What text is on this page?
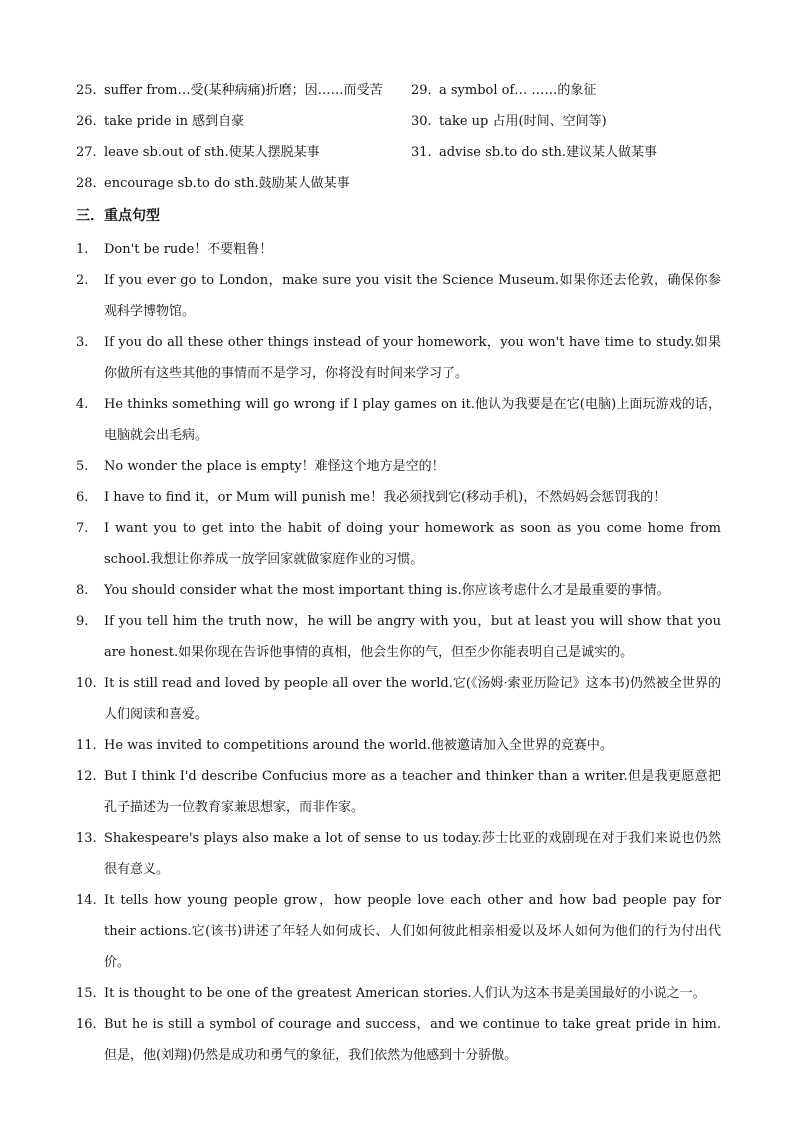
25. suffer from…受(某种病痛)折磨；因……而受苦 29. a symbol of… ……的象征
26. take pride in 感到自豪	30. take up 占用(时间、空间等)
27. leave sb.out of sth.使某人摆脱某事	31. advise sb.to do sth.建议某人做某事
28. encourage sb.to do sth.鼓励某人做某事
三．重点句型
1.	Don't be rude！不要粗鲁！
2.	If you ever go to London，make sure you visit the Science Museum.如果你还去伦敦，确保你参观科学博物馆。
3.	If you do all these other things instead of your homework，you won't have time to study.如果你做所有这些其他的事情而不是学习，你将没有时间来学习了。
4.	He thinks something will go wrong if I play games on it.他认为我要是在它(电脑)上面玩游戏的话，电脑就会出毛病。
5.	No wonder the place is empty！难怪这个地方是空的！
6.	I have to find it，or Mum will punish me！我必须找到它(移动手机)，不然妈妈会惩罚我的！
7.	I want you to get into the habit of doing your homework as soon as you come home from school.我想让你养成一放学回家就做家庭作业的习惯。
8.	You should consider what the most important thing is.你应该考虑什么才是最重要的事情。
9.	If you tell him the truth now，he will be angry with you，but at least you will show that you are honest.如果你现在告诉他事情的真相，他会生你的气，但至少你能表明自己是诚实的。
10. It is still read and loved by people all over the world.它(《汤姆·索亚历险记》这本书)仍然被全世界的人们阅读和喜爱。
11. He was invited to competitions around the world.他被邀请加入全世界的竞赛中。
12. But I think I'd describe Confucius more as a teacher and thinker than a writer.但是我更愿意把孔子描述为一位教育家兼思想家，而非作家。
13. Shakespeare's plays also make a lot of sense to us today.莎士比亚的戏剧现在对于我们来说也仍然很有意义。
14. It tells how young people grow，how people love each other and how bad people pay for their actions.它(该书)讲述了年轻人如何成长、人们如何彼此相亲相爱以及坏人如何为他们的行为付出代价。
15. It is thought to be one of the greatest American stories.人们认为这本书是美国最好的小说之一。
16. But he is still a symbol of courage and success，and we continue to take great pride in him.但是，他(刘翔)仍然是成功和勇气的象征，我们依然为他感到十分骄傲。
